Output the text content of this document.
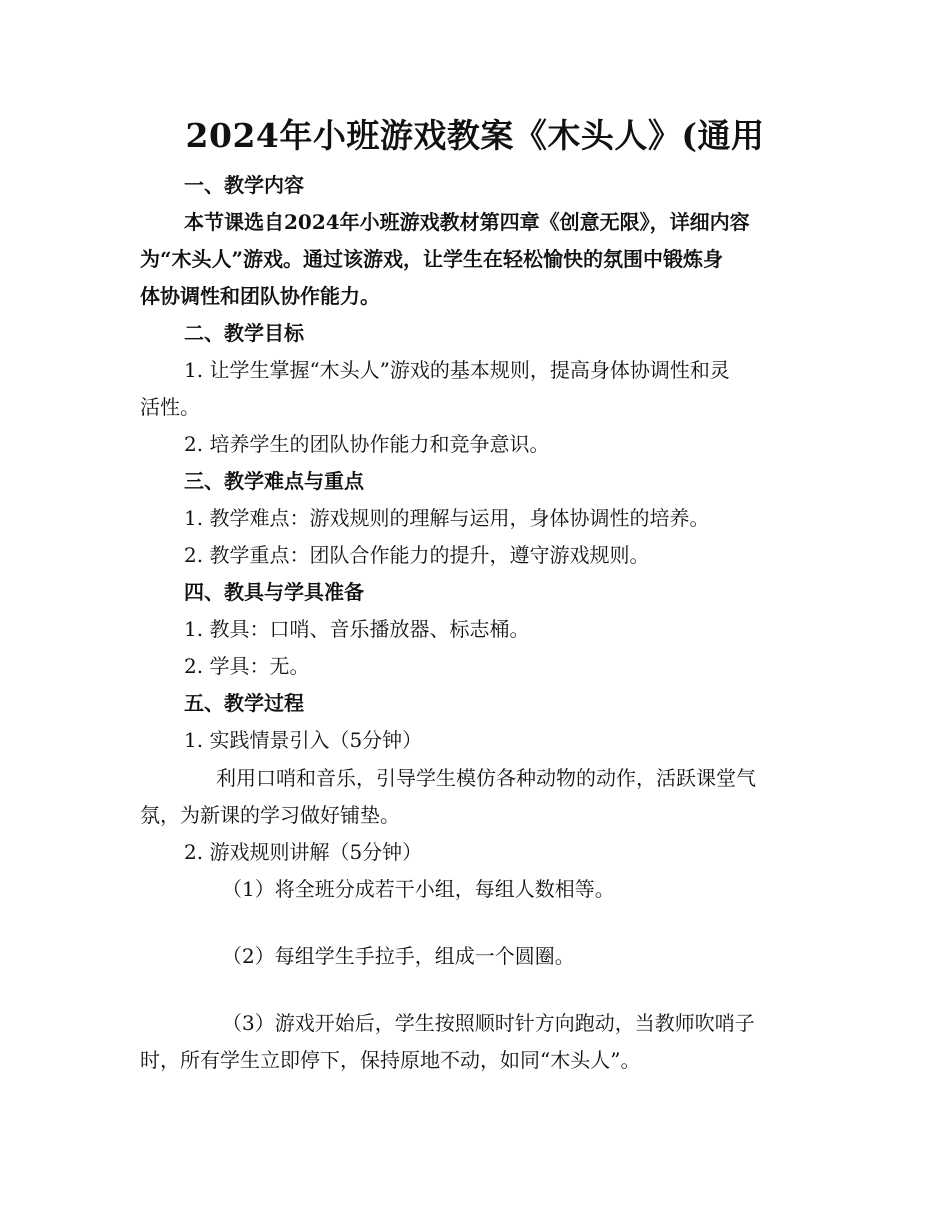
2024年小班游戏教案《木头人》(通用
一、教学内容
本节课选自2024年小班游戏教材第四章《创意无限》，详细内容
为“木头人”游戏。通过该游戏，让学生在轻松愉快的氛围中锻炼身
体协调性和团队协作能力。
二、教学目标
1. 让学生掌握“木头人”游戏的基本规则，提高身体协调性和灵
活性。
2. 培养学生的团队协作能力和竞争意识。
三、教学难点与重点
1. 教学难点：游戏规则的理解与运用，身体协调性的培养。
2. 教学重点：团队合作能力的提升，遵守游戏规则。
四、教具与学具准备
1. 教具：口哨、音乐播放器、标志桶。
2. 学具：无。
五、教学过程
1. 实践情景引入（5分钟）
利用口哨和音乐，引导学生模仿各种动物的动作，活跃课堂气
氛，为新课的学习做好铺垫。
2. 游戏规则讲解（5分钟）
（1）将全班分成若干小组，每组人数相等。
（2）每组学生手拉手，组成一个圆圈。
（3）游戏开始后，学生按照顺时针方向跑动，当教师吹哨子
时，所有学生立即停下，保持原地不动，如同“木头人”。
